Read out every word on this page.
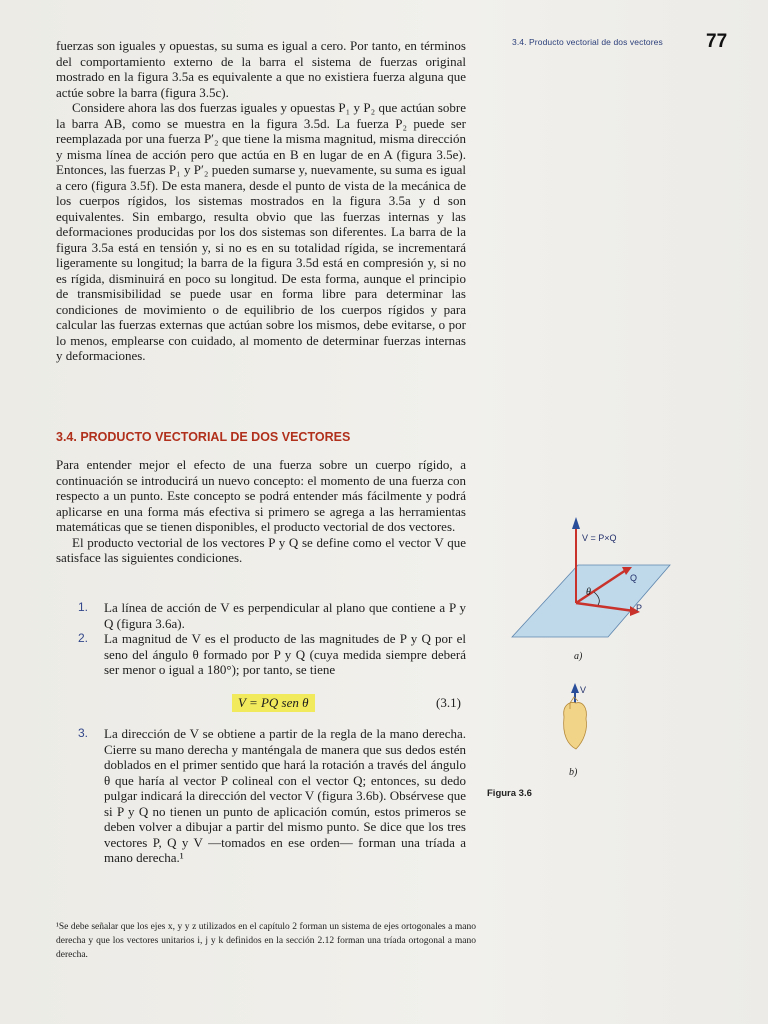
3.4. Producto vectorial de dos vectores 77

fuerzas son iguales y opuestas, su suma es igual a cero. Por tanto, en términos del comportamiento externo de la barra el sistema de fuerzas original mostrado en la figura 3.5a es equivalente a que no existiera fuerza alguna que actúe sobre la barra (figura 3.5c).

Considere ahora las dos fuerzas iguales y opuestas P₁ y P₂ que actúan sobre la barra AB, como se muestra en la figura 3.5d. La fuerza P₂ puede ser reemplazada por una fuerza P′₂ que tiene la misma magnitud, misma dirección y misma línea de acción pero que actúa en B en lugar de en A (figura 3.5e). Entonces, las fuerzas P₁ y P′₂ pueden sumarse y, nuevamente, su suma es igual a cero (figura 3.5f). De esta manera, desde el punto de vista de la mecánica de los cuerpos rígidos, los sistemas mostrados en la figura 3.5a y d son equivalentes. Sin embargo, resulta obvio que las fuerzas internas y las deformaciones producidas por los dos sistemas son diferentes. La barra de la figura 3.5a está en tensión y, si no es en su totalidad rígida, se incrementará ligeramente su longitud; la barra de la figura 3.5d está en compresión y, si no es rígida, disminuirá en poco su longitud. De esta forma, aunque el principio de transmisibilidad se puede usar en forma libre para determinar las condiciones de movimiento o de equilibrio de los cuerpos rígidos y para calcular las fuerzas externas que actúan sobre los mismos, debe evitarse, o por lo menos, emplearse con cuidado, al momento de determinar fuerzas internas y deformaciones.

3.4. PRODUCTO VECTORIAL DE DOS VECTORES

Para entender mejor el efecto de una fuerza sobre un cuerpo rígido, a continuación se introducirá un nuevo concepto: el momento de una fuerza con respecto a un punto. Este concepto se podrá entender más fácilmente y podrá aplicarse en una forma más efectiva si primero se agrega a las herramientas matemáticas que se tienen disponibles, el producto vectorial de dos vectores.

El producto vectorial de los vectores P y Q se define como el vector V que satisface las siguientes condiciones.

1. La línea de acción de V es perpendicular al plano que contiene a P y Q (figura 3.6a).
2. La magnitud de V es el producto de las magnitudes de P y Q por el seno del ángulo θ formado por P y Q (cuya medida siempre deberá ser menor o igual a 180°); por tanto, se tiene
3. La dirección de V se obtiene a partir de la regla de la mano derecha. Cierre su mano derecha y manténgala de manera que sus dedos estén doblados en el primer sentido que hará la rotación a través del ángulo θ que haría al vector P colineal con el vector Q; entonces, su dedo pulgar indicará la dirección del vector V (figura 3.6b). Obsérvese que si P y Q no tienen un punto de aplicación común, estos primeros se deben volver a dibujar a partir del mismo punto. Se dice que los tres vectores P, Q y V —tomados en ese orden— forman una tríada a mano derecha.¹
V = PQ sen θ	(3.1)
¹Se debe señalar que los ejes x, y y z utilizados en el capítulo 2 forman un sistema de ejes ortogonales a mano derecha y que los vectores unitarios i, j y k definidos en la sección 2.12 forman una tríada ortogonal a mano derecha.
θ
V = P×Q
Q
P
V
a)
b)
Figura 3.6
